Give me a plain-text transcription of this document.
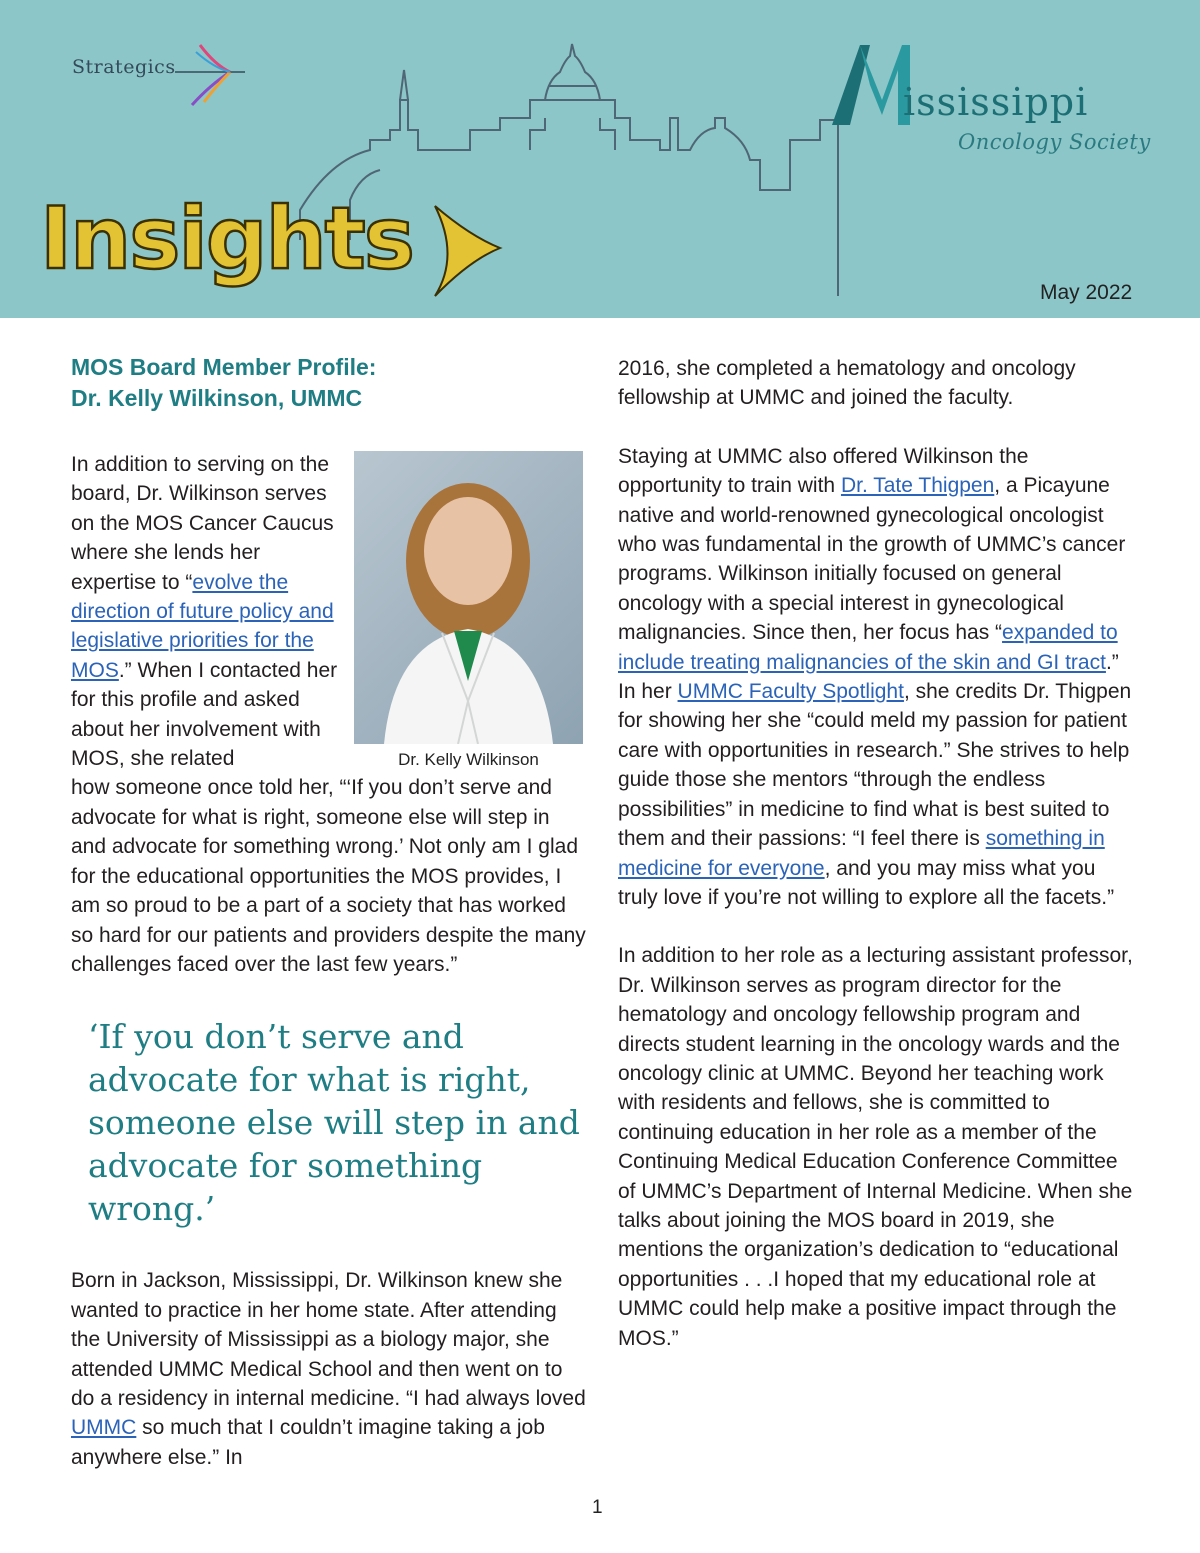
Strategics
Insights
ississippi
Oncology Society
May 2022
MOS Board Member Profile:
Dr. Kelly Wilkinson, UMMC

In addition to serving on the board, Dr. Wilkinson serves on the MOS Cancer Caucus where she lends her expertise to “evolve the direction of future policy and legislative priorities for the MOS.” When I contacted her for this profile and asked about her involvement with MOS, she related

how someone once told her, “‘If you don’t serve and advocate for what is right, someone else will step in and advocate for something wrong.’ Not only am I glad for the educational opportunities the MOS provides, I am so proud to be a part of a society that has worked so hard for our patients and providers despite the many challenges faced over the last few years.”

‘If you don’t serve and advocate for what is right, someone else will step in and advocate for something wrong.’

Born in Jackson, Mississippi, Dr. Wilkinson knew she wanted to practice in her home state. After attending the University of Mississippi as a biology major, she attended UMMC Medical School and then went on to do a residency in internal medicine. “I had always loved UMMC so much that I couldn’t imagine taking a job anywhere else.” In

Dr. Kelly Wilkinson

2016, she completed a hematology and oncology fellowship at UMMC and joined the faculty.

Staying at UMMC also offered Wilkinson the opportunity to train with Dr. Tate Thigpen, a Picayune native and world-renowned gynecological oncologist who was fundamental in the growth of UMMC’s cancer programs. Wilkinson initially focused on general oncology with a special interest in gynecological malignancies. Since then, her focus has “expanded to include treating malignancies of the skin and GI tract.” In her UMMC Faculty Spotlight, she credits Dr. Thigpen for showing her she “could meld my passion for patient care with opportunities in research.” She strives to help guide those she mentors “through the endless possibilities” in medicine to find what is best suited to them and their passions: “I feel there is something in medicine for everyone, and you may miss what you truly love if you’re not willing to explore all the facets.”

In addition to her role as a lecturing assistant professor, Dr. Wilkinson serves as program director for the hematology and oncology fellowship program and directs student learning in the oncology wards and the oncology clinic at UMMC. Beyond her teaching work with residents and fellows, she is committed to continuing education in her role as a member of the Continuing Medical Education Conference Committee of UMMC’s Department of Internal Medicine. When she talks about joining the MOS board in 2019, she mentions the organization’s dedication to “educational opportunities . . .I hoped that my educational role at UMMC could help make a positive impact through the MOS.”

1
